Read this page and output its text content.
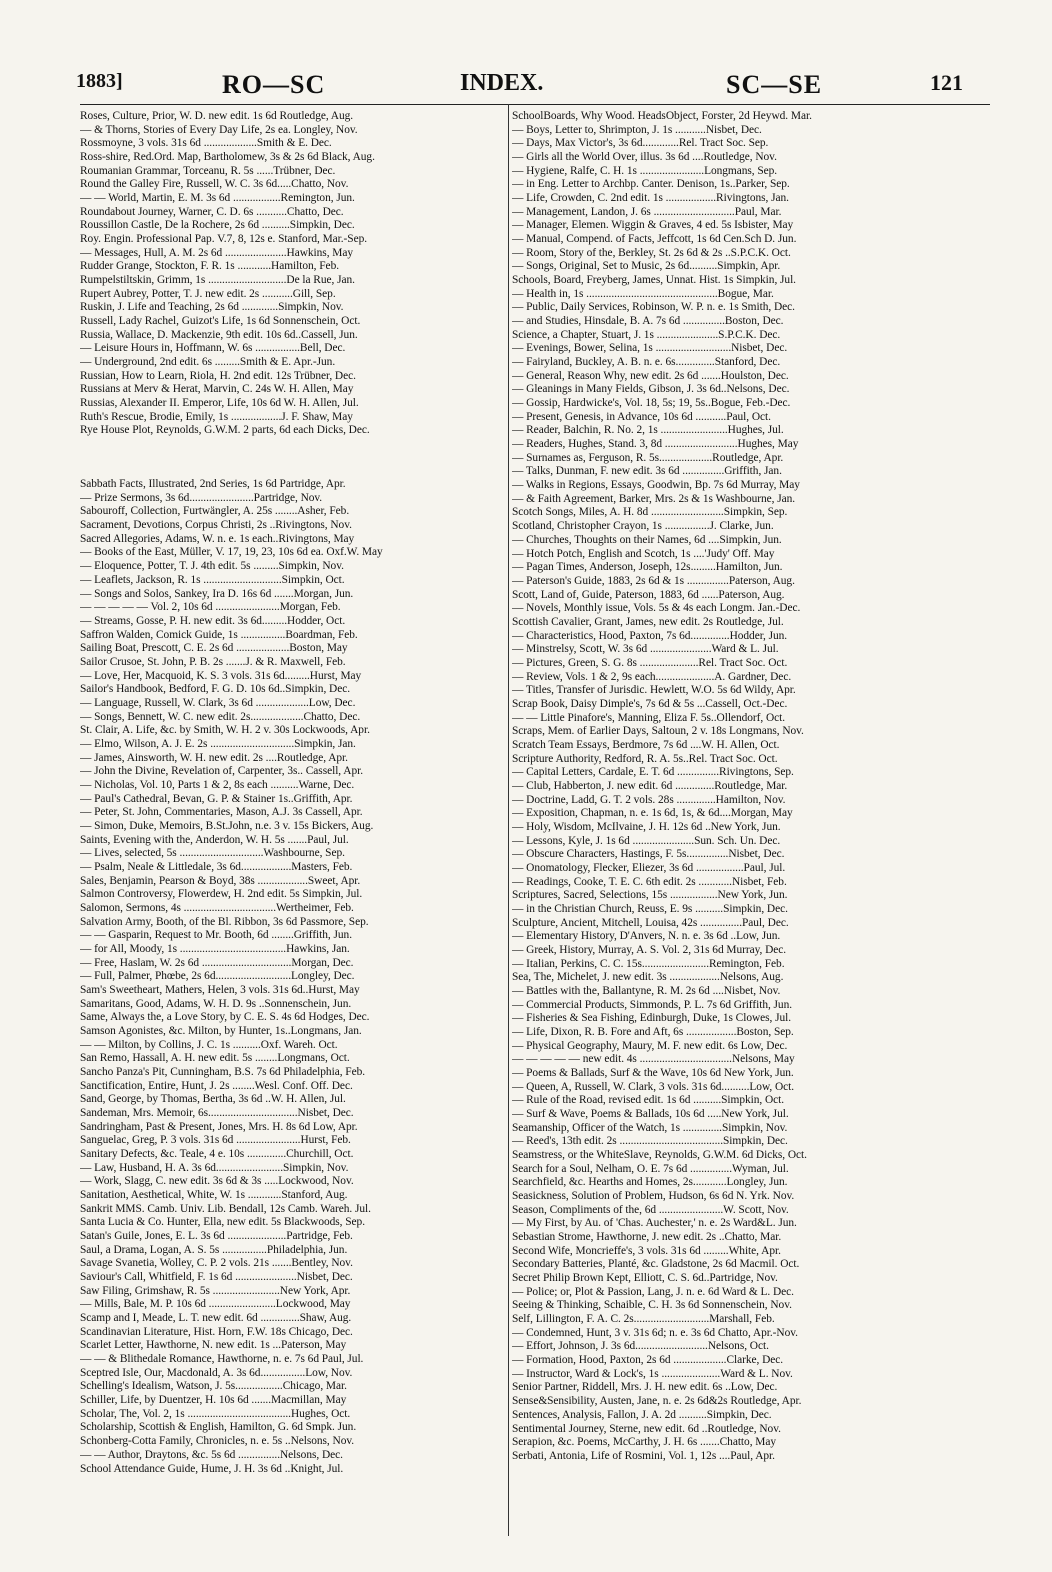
1883]	RO—SC	INDEX.	SC—SE	121
Roses, Culture, Prior, W. D. new edit. 1s 6d Routledge, Aug.
— & Thorns, Stories of Every Day Life, 2s ea. Longley, Nov.
Rossmoyne, 3 vols. 31s 6d ...................Smith & E. Dec.
Ross-shire, Red.Ord. Map, Bartholomew, 3s & 2s 6d Black, Aug.
Roumanian Grammar, Torceanu, R. 5s ......Trübner, Dec.
Round the Galley Fire, Russell, W. C. 3s 6d.....Chatto, Nov.
— — World, Martin, E. M. 3s 6d .................Remington, Jun.
Roundabout Journey, Warner, C. D. 6s ...........Chatto, Dec.
Roussillon Castle, De la Rochere, 2s 6d ..........Simpkin, Dec.
Roy. Engin. Professional Pap. V.7, 8, 12s e. Stanford, Mar.-Sep.
— Messages, Hull, A. M. 2s 6d ......................Hawkins, May
Rudder Grange, Stockton, F. R. 1s ............Hamilton, Feb.
Rumpelstiltskin, Grimm, 1s ............................De la Rue, Jan.
Rupert Aubrey, Potter, T. J. new edit. 2s ...........Gill, Sep.
Ruskin, J. Life and Teaching, 2s 6d .............Simpkin, Nov.
Russell, Lady Rachel, Guizot's Life, 1s 6d Sonnenschein, Oct.
Russia, Wallace, D. Mackenzie, 9th edit. 10s 6d..Cassell, Jun.
— Leisure Hours in, Hoffmann, W. 6s ................Bell, Dec.
— Underground, 2nd edit. 6s .........Smith & E. Apr.-Jun.
Russian, How to Learn, Riola, H. 2nd edit. 12s Trübner, Dec.
Russians at Merv & Herat, Marvin, C. 24s W. H. Allen, May
Russias, Alexander II. Emperor, Life, 10s 6d W. H. Allen, Jul.
Ruth's Rescue, Brodie, Emily, 1s ..................J. F. Shaw, May
Rye House Plot, Reynolds, G.W.M. 2 parts, 6d each Dicks, Dec.
Sabbath Facts, Illustrated, 2nd Series, 1s 6d Partridge, Apr.
— Prize Sermons, 3s 6d.......................Partridge, Nov.
Sabouroff, Collection, Furtwängler, A. 25s ........Asher, Feb.
Sacrament, Devotions, Corpus Christi, 2s ..Rivingtons, Nov.
Sacred Allegories, Adams, W. n. e. 1s each..Rivingtons, May
— Books of the East, Müller, V. 17, 19, 23, 10s 6d ea. Oxf.W. May
— Eloquence, Potter, T. J. 4th edit. 5s .........Simpkin, Nov.
— Leaflets, Jackson, R. 1s ............................Simpkin, Oct.
— Songs and Solos, Sankey, Ira D. 16s 6d .......Morgan, Jun.
— — — — — Vol. 2, 10s 6d .......................Morgan, Feb.
— Streams, Gosse, P. H. new edit. 3s 6d.........Hodder, Oct.
Saffron Walden, Comick Guide, 1s ................Boardman, Feb.
Sailing Boat, Prescott, C. E. 2s 6d ...................Boston, May
Sailor Crusoe, St. John, P. B. 2s .......J. & R. Maxwell, Feb.
— Love, Her, Macquoid, K. S. 3 vols. 31s 6d.........Hurst, May
Sailor's Handbook, Bedford, F. G. D. 10s 6d..Simpkin, Dec.
— Language, Russell, W. Clark, 3s 6d ...................Low, Dec.
— Songs, Bennett, W. C. new edit. 2s...................Chatto, Dec.
St. Clair, A. Life, &c. by Smith, W. H. 2 v. 30s Lockwoods, Apr.
— Elmo, Wilson, A. J. E. 2s ..............................Simpkin, Jan.
— James, Ainsworth, W. H. new edit. 2s ....Routledge, Apr.
— John the Divine, Revelation of, Carpenter, 3s.. Cassell, Apr.
— Nicholas, Vol. 10, Parts 1 & 2, 8s each ..........Warne, Dec.
— Paul's Cathedral, Bevan, G. P. & Stainer 1s..Griffith, Apr.
— Peter, St. John, Commentaries, Mason, A.J. 3s Cassell, Apr.
— Simon, Duke, Memoirs, B.St.John, n.e. 3 v. 15s Bickers, Aug.
Saints, Evening with the, Anderdon, W. H. 5s .......Paul, Jul.
— Lives, selected, 5s ..............................Washbourne, Sep.
— Psalm, Neale & Littledale, 3s 6d..................Masters, Feb.
Sales, Benjamin, Pearson & Boyd, 38s ..................Sweet, Apr.
Salmon Controversy, Flowerdew, H. 2nd edit. 5s Simpkin, Jul.
Salomon, Sermons, 4s .................................Wertheimer, Feb.
Salvation Army, Booth, of the Bl. Ribbon, 3s 6d Passmore, Sep.
— — Gasparin, Request to Mr. Booth, 6d ........Griffith, Jun.
— for All, Moody, 1s ......................................Hawkins, Jan.
— Free, Haslam, W. 2s 6d ................................Morgan, Dec.
— Full, Palmer, Phœbe, 2s 6d...........................Longley, Dec.
Sam's Sweetheart, Mathers, Helen, 3 vols. 31s 6d..Hurst, May
Samaritans, Good, Adams, W. H. D. 9s ..Sonnenschein, Jun.
Same, Always the, a Love Story, by C. E. S. 4s 6d Hodges, Dec.
Samson Agonistes, &c. Milton, by Hunter, 1s..Longmans, Jan.
— — Milton, by Collins, J. C. 1s ..........Oxf. Wareh. Oct.
San Remo, Hassall, A. H. new edit. 5s ........Longmans, Oct.
Sancho Panza's Pit, Cunningham, B.S. 7s 6d Philadelphia, Feb.
Sanctification, Entire, Hunt, J. 2s ........Wesl. Conf. Off. Dec.
Sand, George, by Thomas, Bertha, 3s 6d ..W. H. Allen, Jul.
Sandeman, Mrs. Memoir, 6s................................Nisbet, Dec.
Sandringham, Past & Present, Jones, Mrs. H. 8s 6d Low, Apr.
Sanguelac, Greg, P. 3 vols. 31s 6d .......................Hurst, Feb.
Sanitary Defects, &c. Teale, 4 e. 10s ..............Churchill, Oct.
— Law, Husband, H. A. 3s 6d........................Simpkin, Nov.
— Work, Slagg, C. new edit. 3s 6d & 3s .....Lockwood, Nov.
Sanitation, Aesthetical, White, W. 1s ............Stanford, Aug.
Sankrit MMS. Camb. Univ. Lib. Bendall, 12s Camb. Wareh. Jul.
Santa Lucia & Co. Hunter, Ella, new edit. 5s Blackwoods, Sep.
Satan's Guile, Jones, E. L. 3s 6d .....................Partridge, Feb.
Saul, a Drama, Logan, A. S. 5s ................Philadelphia, Jun.
Savage Svanetia, Wolley, C. P. 2 vols. 21s .......Bentley, Nov.
Saviour's Call, Whitfield, F. 1s 6d ......................Nisbet, Dec.
Saw Filing, Grimshaw, R. 5s ........................New York, Apr.
— Mills, Bale, M. P. 10s 6d ........................Lockwood, May
Scamp and I, Meade, L. T. new edit. 6d ..............Shaw, Aug.
Scandinavian Literature, Hist. Horn, F.W. 18s Chicago, Dec.
Scarlet Letter, Hawthorne, N. new edit. 1s ...Paterson, May
— — & Blithedale Romance, Hawthorne, n. e. 7s 6d Paul, Jul.
Sceptred Isle, Our, Macdonald, A. 3s 6d................Low, Nov.
Schelling's Idealism, Watson, J. 5s.................Chicago, Mar.
Schiller, Life, by Duentzer, H. 10s 6d .......Macmillan, May
Scholar, The, Vol. 2, 1s .....................................Hughes, Oct.
Scholarship, Scottish & English, Hamilton, G. 6d Smpk. Jun.
Schonberg-Cotta Family, Chronicles, n. e. 5s ..Nelsons, Nov.
— — Author, Draytons, &c. 5s 6d ...............Nelsons, Dec.
School Attendance Guide, Hume, J. H. 3s 6d ..Knight, Jul.
SchoolBoards, Why Wood. HeadsObject, Forster, 2d Heywd. Mar.
— Boys, Letter to, Shrimpton, J. 1s ...........Nisbet, Dec.
— Days, Max Victor's, 3s 6d.............Rel. Tract Soc. Sep.
— Girls all the World Over, illus. 3s 6d ....Routledge, Nov.
— Hygiene, Ralfe, C. H. 1s .......................Longmans, Sep.
— in Eng. Letter to Archbp. Canter. Denison, 1s..Parker, Sep.
— Life, Crowden, C. 2nd edit. 1s ..................Rivingtons, Jan.
— Management, Landon, J. 6s .............................Paul, Mar.
— Manager, Elemen. Wiggin & Graves, 4 ed. 5s Isbister, May
— Manual, Compend. of Facts, Jeffcott, 1s 6d Cen.Sch D. Jun.
— Room, Story of the, Berkley, St. 2s 6d & 2s ..S.P.C.K. Oct.
— Songs, Original, Set to Music, 2s 6d..........Simpkin, Apr.
Schools, Board, Freyberg, James, Unnat. Hist. 1s Simpkin, Jul.
— Health in, 1s ...............................................Bogue, Mar.
— Public, Daily Services, Robinson, W. P. n. e. 1s Smith, Dec.
— and Studies, Hinsdale, B. A. 7s 6d ...............Boston, Dec.
Science, a Chapter, Stuart, J. 1s ......................S.P.C.K. Dec.
— Evenings, Bower, Selina, 1s ...........................Nisbet, Dec.
— Fairyland, Buckley, A. B. n. e. 6s..............Stanford, Dec.
— General, Reason Why, new edit. 2s 6d .......Houlston, Dec.
— Gleanings in Many Fields, Gibson, J. 3s 6d..Nelsons, Dec.
— Gossip, Hardwicke's, Vol. 18, 5s; 19, 5s..Bogue, Feb.-Dec.
— Present, Genesis, in Advance, 10s 6d ...........Paul, Oct.
— Reader, Balchin, R. No. 2, 1s ........................Hughes, Jul.
— Readers, Hughes, Stand. 3, 8d ..........................Hughes, May
— Surnames as, Ferguson, R. 5s...................Routledge, Apr.
— Talks, Dunman, F. new edit. 3s 6d ...............Griffith, Jan.
— Walks in Regions, Essays, Goodwin, Bp. 7s 6d Murray, May
— & Faith Agreement, Barker, Mrs. 2s & 1s Washbourne, Jan.
Scotch Songs, Miles, A. H. 8d ..........................Simpkin, Sep.
Scotland, Christopher Crayon, 1s ................J. Clarke, Jun.
— Churches, Thoughts on their Names, 6d ....Simpkin, Jun.
— Hotch Potch, English and Scotch, 1s ....'Judy' Off. May
— Pagan Times, Anderson, Joseph, 12s.........Hamilton, Jun.
— Paterson's Guide, 1883, 2s 6d & 1s ...............Paterson, Aug.
Scott, Land of, Guide, Paterson, 1883, 6d ......Paterson, Aug.
— Novels, Monthly issue, Vols. 5s & 4s each Longm. Jan.-Dec.
Scottish Cavalier, Grant, James, new edit. 2s Routledge, Jul.
— Characteristics, Hood, Paxton, 7s 6d..............Hodder, Jun.
— Minstrelsy, Scott, W. 3s 6d ......................Ward & L. Jul.
— Pictures, Green, S. G. 8s .....................Rel. Tract Soc. Oct.
— Review, Vols. 1 & 2, 9s each.....................A. Gardner, Dec.
— Titles, Transfer of Jurisdic. Hewlett, W.O. 5s 6d Wildy, Apr.
Scrap Book, Daisy Dimple's, 7s 6d & 5s ...Cassell, Oct.-Dec.
— — Little Pinafore's, Manning, Eliza F. 5s..Ollendorf, Oct.
Scraps, Mem. of Earlier Days, Saltoun, 2 v. 18s Longmans, Nov.
Scratch Team Essays, Berdmore, 7s 6d ....W. H. Allen, Oct.
Scripture Authority, Redford, R. A. 5s..Rel. Tract Soc. Oct.
— Capital Letters, Cardale, E. T. 6d ...............Rivingtons, Sep.
— Club, Habberton, J. new edit. 6d ..............Routledge, Mar.
— Doctrine, Ladd, G. T. 2 vols. 28s ..............Hamilton, Nov.
— Exposition, Chapman, n. e. 1s 6d, 1s, & 6d....Morgan, May
— Holy, Wisdom, McIlvaine, J. H. 12s 6d ..New York, Jun.
— Lessons, Kyle, J. 1s 6d ......................Sun. Sch. Un. Dec.
— Obscure Characters, Hastings, F. 5s...............Nisbet, Dec.
— Onomatology, Flecker, Eliezer, 3s 6d .................Paul, Jul.
— Readings, Cooke, T. E. C. 6th edit. 2s ............Nisbet, Feb.
Scriptures, Sacred, Selections, 15s .................New York, Jun.
— in the Christian Church, Reuss, E. 9s ..........Simpkin, Dec.
Sculpture, Ancient, Mitchell, Louisa, 42s ...............Paul, Dec.
— Elementary History, D'Anvers, N. n. e. 3s 6d ..Low, Jun.
— Greek, History, Murray, A. S. Vol. 2, 31s 6d Murray, Dec.
— Italian, Perkins, C. C. 15s........................Remington, Feb.
Sea, The, Michelet, J. new edit. 3s ..................Nelsons, Aug.
— Battles with the, Ballantyne, R. M. 2s 6d ....Nisbet, Nov.
— Commercial Products, Simmonds, P. L. 7s 6d Griffith, Jun.
— Fisheries & Sea Fishing, Edinburgh, Duke, 1s Clowes, Jul.
— Life, Dixon, R. B. Fore and Aft, 6s ..................Boston, Sep.
— Physical Geography, Maury, M. F. new edit. 6s Low, Dec.
— — — — — new edit. 4s .................................Nelsons, May
— Poems & Ballads, Surf & the Wave, 10s 6d New York, Jun.
— Queen, A, Russell, W. Clark, 3 vols. 31s 6d..........Low, Oct.
— Rule of the Road, revised edit. 1s 6d ..........Simpkin, Oct.
— Surf & Wave, Poems & Ballads, 10s 6d .....New York, Jul.
Seamanship, Officer of the Watch, 1s ..............Simpkin, Nov.
— Reed's, 13th edit. 2s .....................................Simpkin, Dec.
Seamstress, or the WhiteSlave, Reynolds, G.W.M. 6d Dicks, Oct.
Search for a Soul, Nelham, O. E. 7s 6d ...............Wyman, Jul.
Searchfield, &c. Hearths and Homes, 2s............Longley, Jun.
Seasickness, Solution of Problem, Hudson, 6s 6d N. Yrk. Nov.
Season, Compliments of the, 6d .......................W. Scott, Nov.
— My First, by Au. of 'Chas. Auchester,' n. e. 2s Ward&L. Jun.
Sebastian Strome, Hawthorne, J. new edit. 2s ..Chatto, Mar.
Second Wife, Moncrieffe's, 3 vols. 31s 6d .........White, Apr.
Secondary Batteries, Planté, &c. Gladstone, 2s 6d Macmil. Oct.
Secret Philip Brown Kept, Elliott, C. S. 6d..Partridge, Nov.
— Police; or, Plot & Passion, Lang, J. n. e. 6d Ward & L. Dec.
Seeing & Thinking, Schaible, C. H. 3s 6d Sonnenschein, Nov.
Self, Lillington, F. A. C. 2s...........................Marshall, Feb.
— Condemned, Hunt, 3 v. 31s 6d; n. e. 3s 6d Chatto, Apr.-Nov.
— Effort, Johnson, J. 3s 6d..........................Nelsons, Oct.
— Formation, Hood, Paxton, 2s 6d ...................Clarke, Dec.
— Instructor, Ward & Lock's, 1s .....................Ward & L. Nov.
Senior Partner, Riddell, Mrs. J. H. new edit. 6s ..Low, Dec.
Sense&Sensibility, Austen, Jane, n. e. 2s 6d&2s Routledge, Apr.
Sentences, Analysis, Fallon, J. A. 2d ..........Simpkin, Dec.
Sentimental Journey, Sterne, new edit. 6d ..Routledge, Nov.
Serapion, &c. Poems, McCarthy, J. H. 6s .......Chatto, May
Serbati, Antonia, Life of Rosmini, Vol. 1, 12s ....Paul, Apr.
